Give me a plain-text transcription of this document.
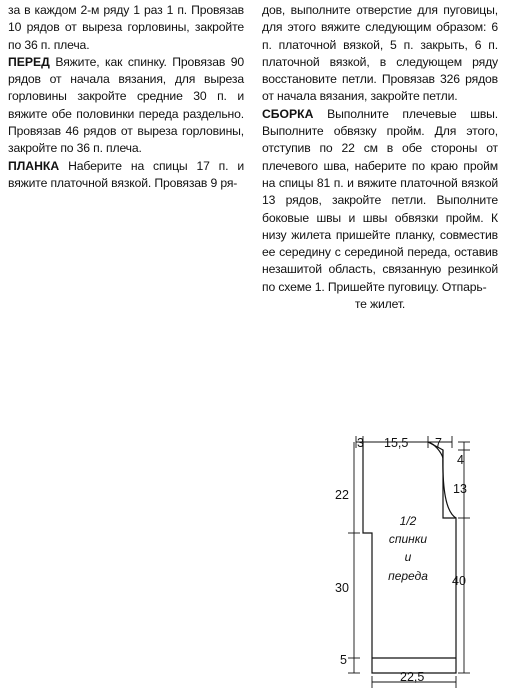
за в каждом 2-м ряду 1 раз 1 п. Провязав 10 рядов от выреза горловины, закройте по 36 п. плеча.

ПЕРЕД Вяжите, как спинку. Провязав 90 рядов от начала вязания, для выреза горловины закройте средние 30 п. и вяжите обе половинки переда раздельно. Провязав 46 рядов от выреза горловины, закройте по 36 п. плеча.

ПЛАНКА Наберите на спицы 17 п. и вяжите платочной вязкой. Провязав 9 ря-

дов, выполните отверстие для пуговицы, для этого вяжите следующим образом: 6 п. платочной вязкой, 5 п. закрыть, 6 п. платочной вязкой, в следующем ряду восстановите петли. Провязав 326 рядов от начала вязания, закройте петли.

СБОРКА Выполните плечевые швы. Выполните обвязку пройм. Для этого, отступив по 22 см в обе стороны от плечевого шва, наберите по краю пройм на спицы 81 п. и вяжите платочной вязкой 13 рядов, закройте петли. Выполните боковые швы и швы обвязки пройм. К низу жилета пришейте планку, совместив ее середину с серединой переда, оставив незашитой область, связанную резинкой по схеме 1. Пришейте пуговицу. Отпарь-

те жилет.

3 15,5 7
4
13
40
22
30
5
22,5
1/2
спинки
и
переда
